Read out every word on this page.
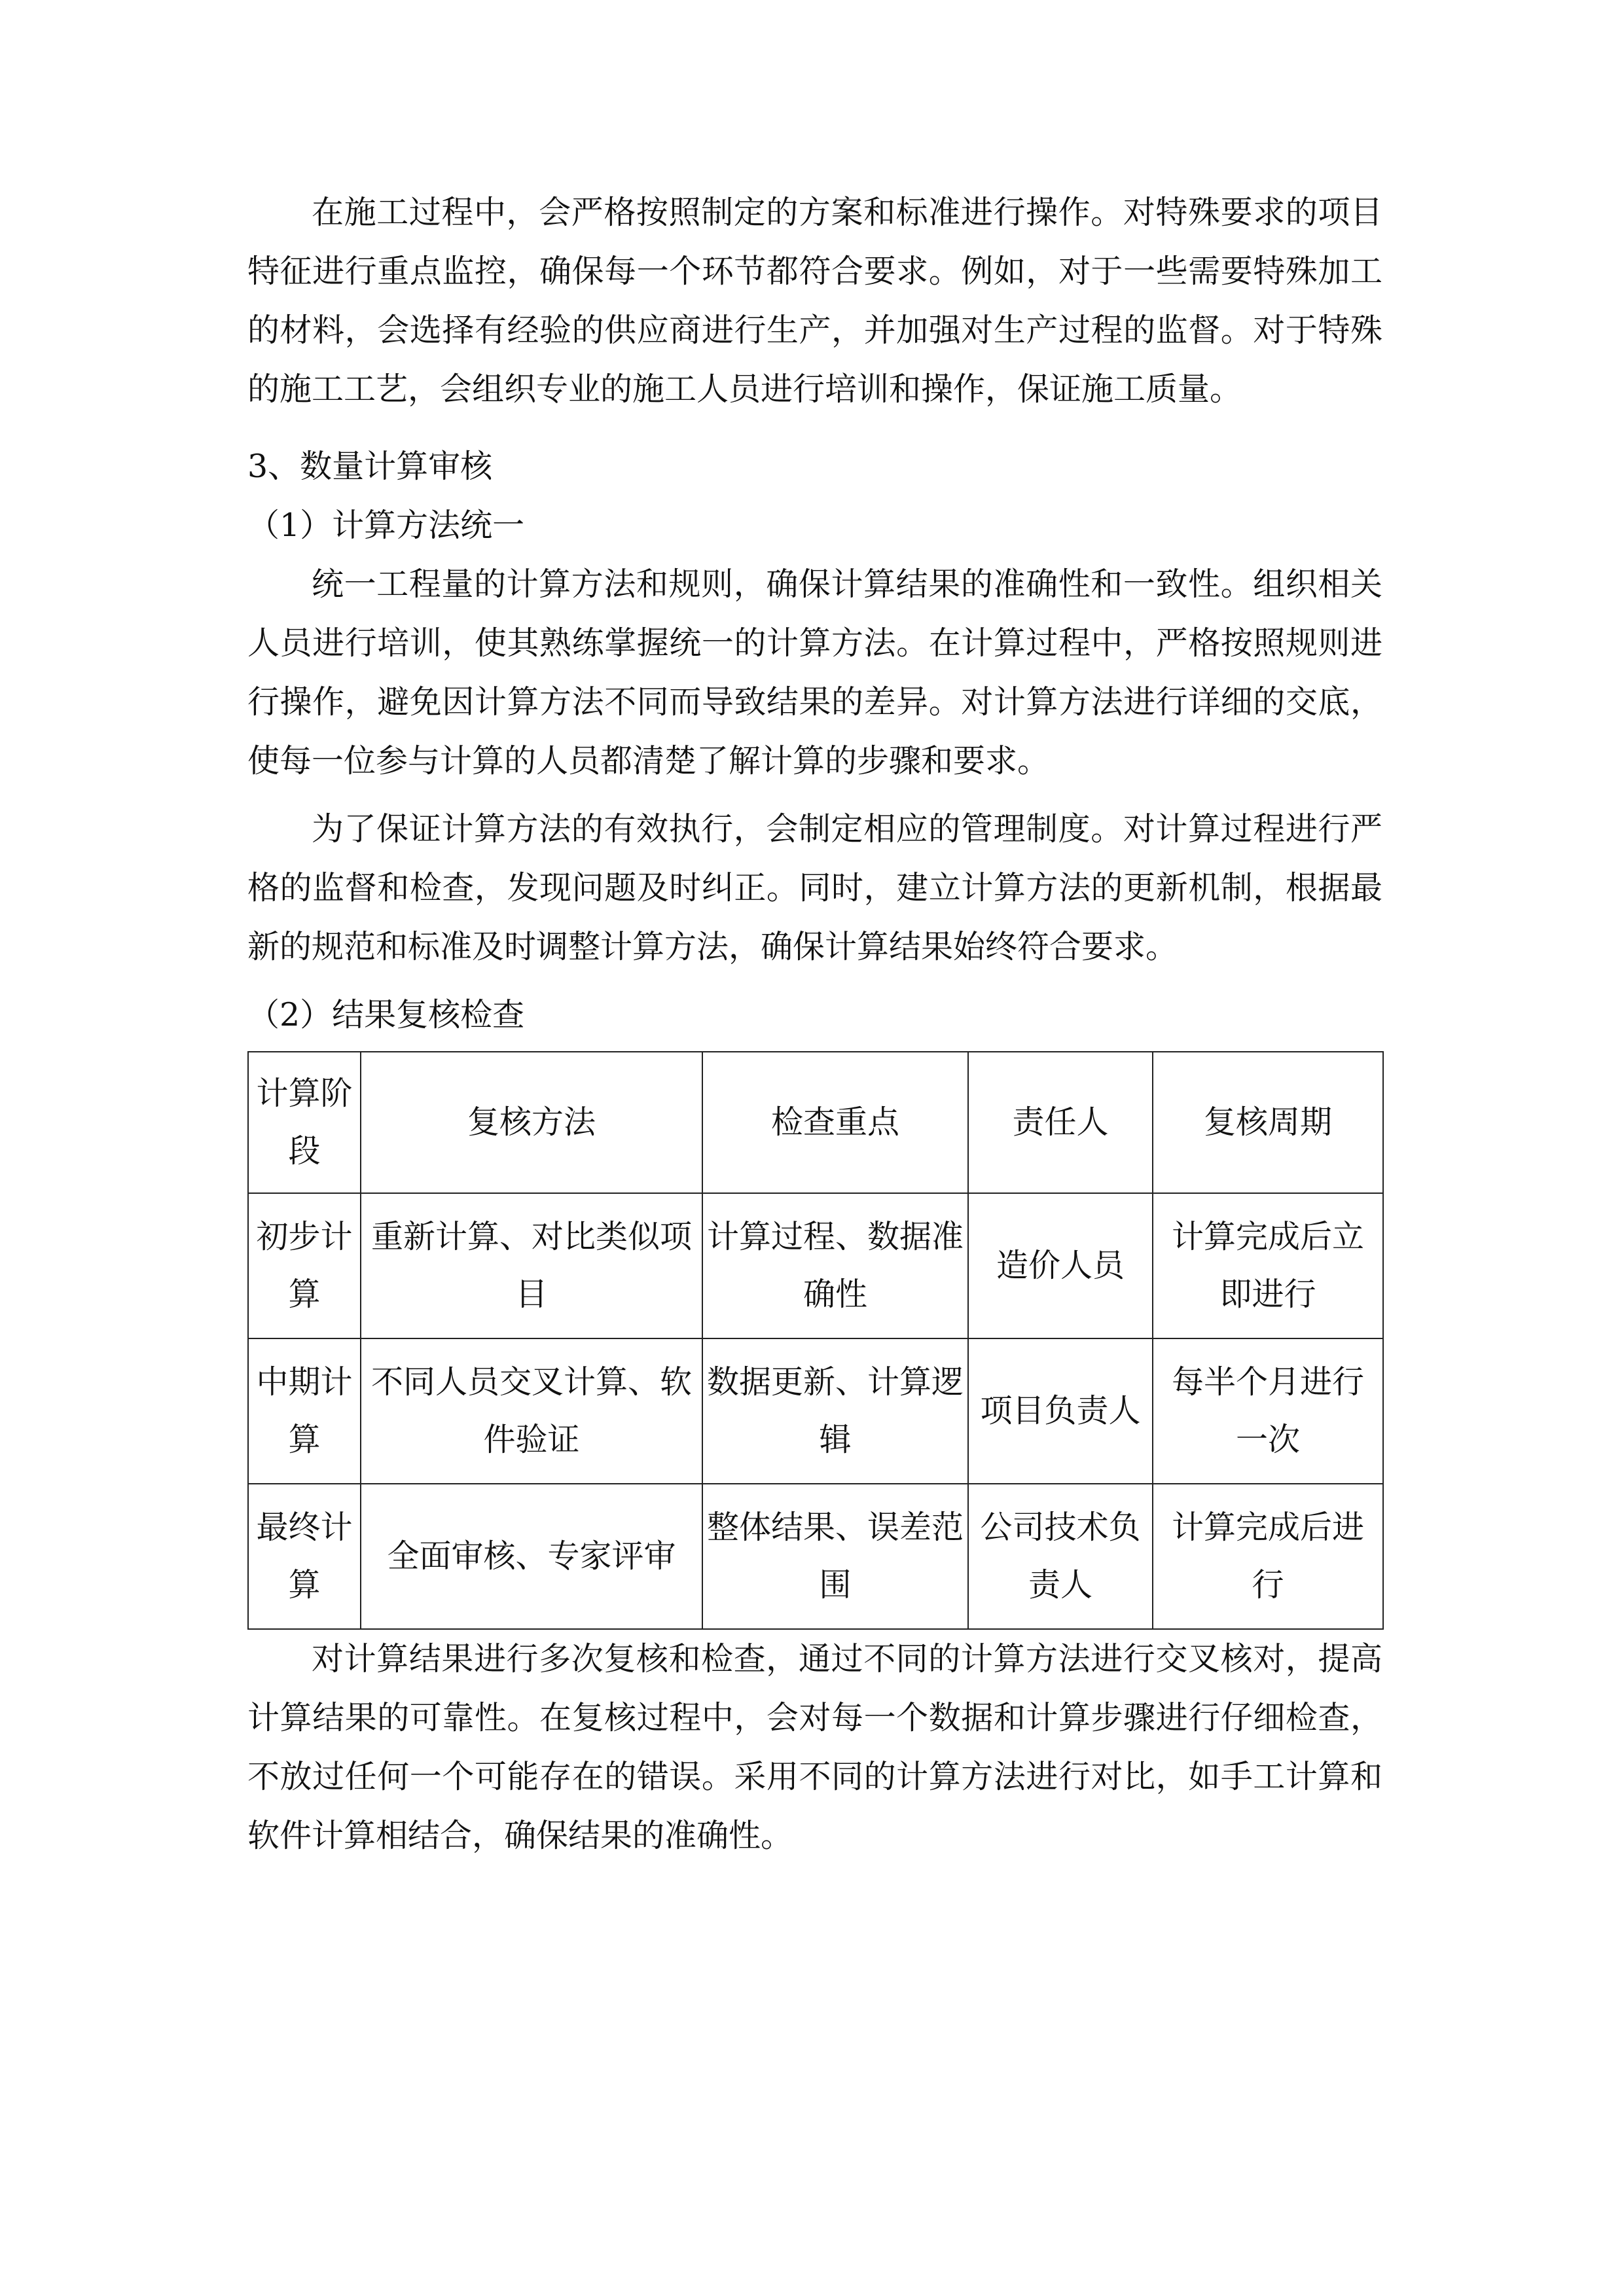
在施工过程中，会严格按照制定的方案和标准进行操作。对特殊要求的项目特征进行重点监控，确保每一个环节都符合要求。例如，对于一些需要特殊加工的材料，会选择有经验的供应商进行生产，并加强对生产过程的监督。对于特殊的施工工艺，会组织专业的施工人员进行培训和操作，保证施工质量。

3、数量计算审核

（1）计算方法统一

统一工程量的计算方法和规则，确保计算结果的准确性和一致性。组织相关人员进行培训，使其熟练掌握统一的计算方法。在计算过程中，严格按照规则进行操作，避免因计算方法不同而导致结果的差异。对计算方法进行详细的交底，使每一位参与计算的人员都清楚了解计算的步骤和要求。

为了保证计算方法的有效执行，会制定相应的管理制度。对计算过程进行严格的监督和检查，发现问题及时纠正。同时，建立计算方法的更新机制，根据最新的规范和标准及时调整计算方法，确保计算结果始终符合要求。

（2）结果复核检查

计算阶段	复核方法	检查重点	责任人	复核周期
初步计算	重新计算、对比类似项目	计算过程、数据准确性	造价人员	计算完成后立即进行
中期计算	不同人员交叉计算、软件验证	数据更新、计算逻辑	项目负责人	每半个月进行一次
最终计算	全面审核、专家评审	整体结果、误差范围	公司技术负责人	计算完成后进行

对计算结果进行多次复核和检查，通过不同的计算方法进行交叉核对，提高计算结果的可靠性。在复核过程中，会对每一个数据和计算步骤进行仔细检查，不放过任何一个可能存在的错误。采用不同的计算方法进行对比，如手工计算和软件计算相结合，确保结果的准确性。
